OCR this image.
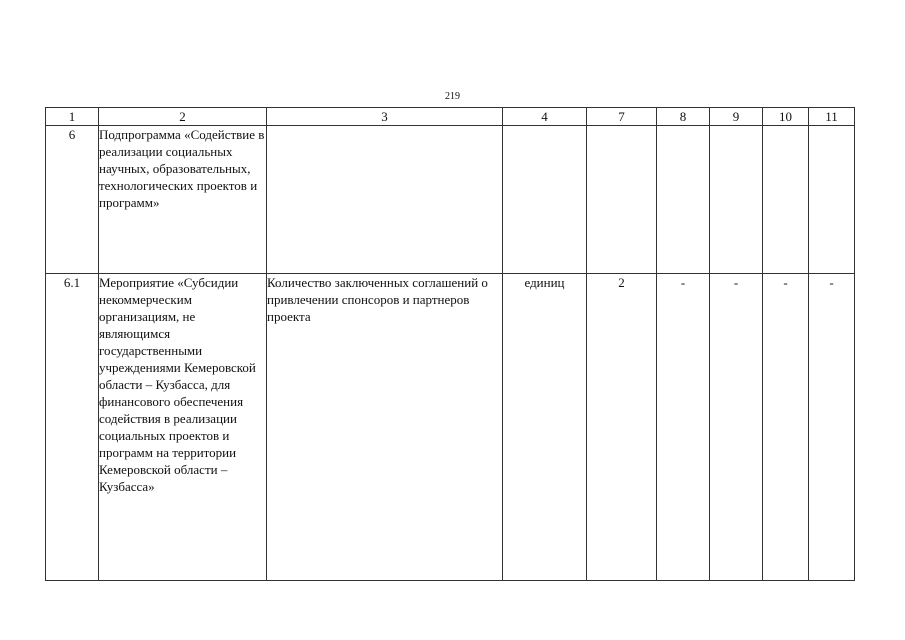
219
1	2	3	4	7	8	9	10	11
6	Подпрограмма «Содействие в реализации социальных научных, образовательных, технологических проектов и программ»							

6.1	Мероприятие «Субсидии некоммерческим организациям, не являющимся государственными учреждениями Кемеровской области – Кузбасса, для финансового обеспечения содействия в реализации социальных проектов и программ на территории Кемеровской области – Кузбасса»	Количество заключенных соглашений о привлечении спонсоров и партнеров проекта	единиц	2	-	-	-	-
